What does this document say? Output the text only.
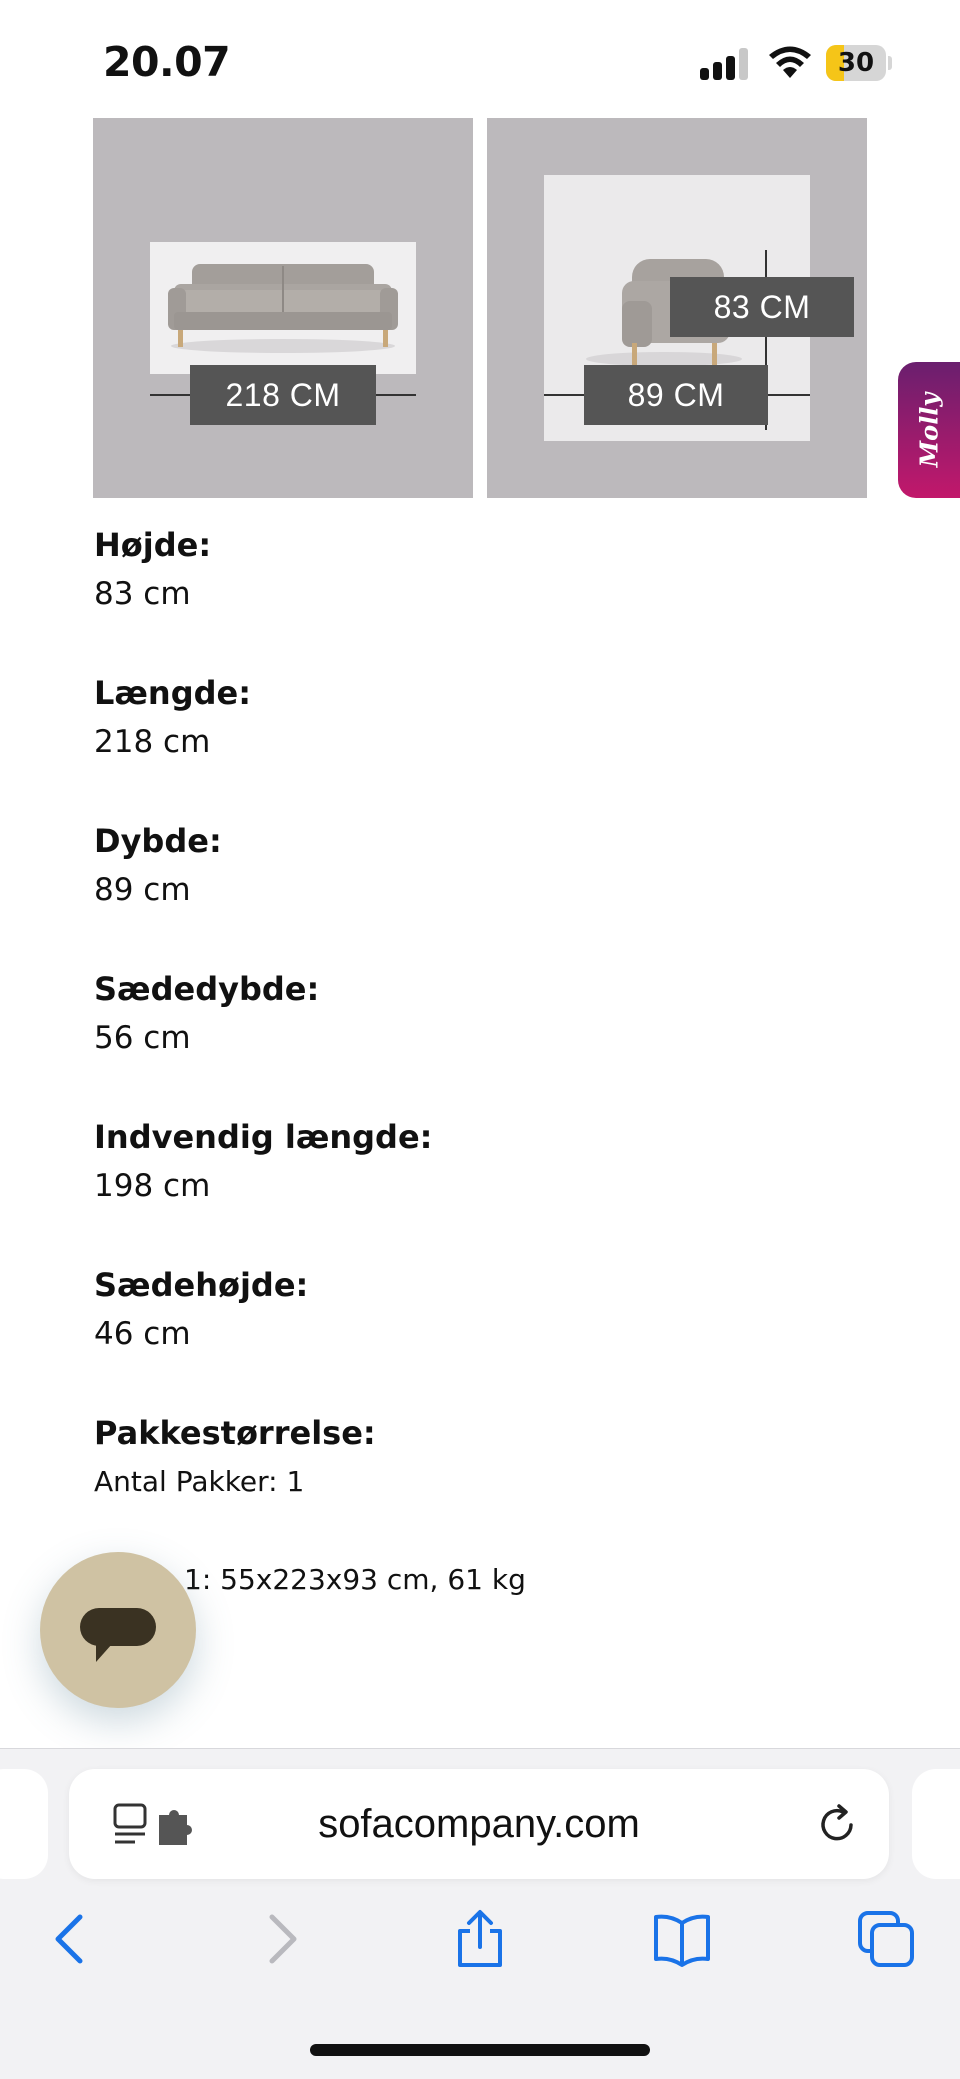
20.07	30
218 CM
83 CM
89 CM	Molly
Højde:
83 cm
Længde:
218 cm
Dybde:
89 cm
Sædedybde:
56 cm
Indvendig længde:
198 cm
Sædehøjde:
46 cm
Pakkestørrelse:
Antal Pakker: 1
1: 55x223x93 cm, 61 kg
sofacompany.com
